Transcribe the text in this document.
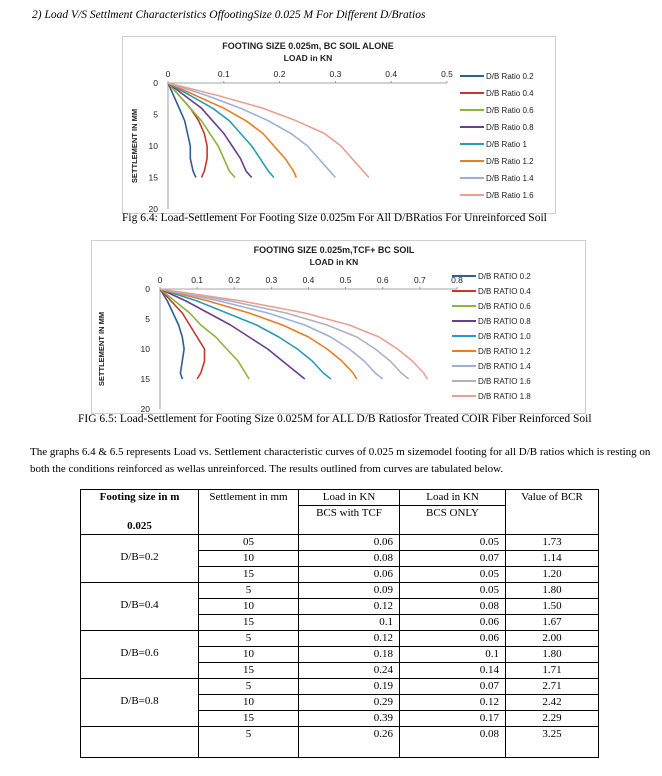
2) Load V/S Settlment Characteristics OffootingSize 0.025 M For Different D/Bratios
FOOTING SIZE 0.025m, BC SOIL ALONE
LOAD in KN
0	0.1	0.2	0.3	0.4	0.5
0
5
10
15
20
SETTLEMENT IN MM
D/B Ratio 0.2
D/B Ratio 0.4
D/B Ratio 0.6
D/B Ratio 0.8
D/B Ratio 1
D/B Ratio 1.2
D/B Ratio 1.4
D/B Ratio 1.6
Fig 6.4: Load-Settlement For Footing Size 0.025m For All D/BRatios For Unreinforced Soil
FOOTING SIZE 0.025m,TCF+ BC SOIL
LOAD in KN
0	0.1	0.2	0.3	0.4	0.5	0.6	0.7	0.8
0
5
10
15
20
SETTLEMENT IN MM
D/B RATIO 0.2
D/B RATIO 0.4
D/B RATIO 0.6
D/B RATIO 0.8
D/B RATIO 1.0
D/B RATIO 1.2
D/B RATIO 1.4
D/B RATIO 1.6
D/B RATIO 1.8
FIG 6.5: Load-Settlement for Footing Size 0.025M for ALL D/B Ratiosfor Treated COIR Fiber Reinforced Soil
The graphs 6.4 & 6.5 represents Load vs. Settlement characteristic curves of 0.025 m sizemodel footing for all D/B ratios which is resting on both the conditions reinforced as wellas unreinforced. The results outlined from curves are tabulated below.
Footing size in m	Settlement in mm	Load in KN	Load in KN	Value of BCR
0.025		BCS with TCF	BCS ONLY	
D/B=0.2	05	0.06	0.05	1.73
	10	0.08	0.07	1.14
	15	0.06	0.05	1.20
D/B=0.4	5	0.09	0.05	1.80
	10	0.12	0.08	1.50
	15	0.1	0.06	1.67
D/B=0.6	5	0.12	0.06	2.00
	10	0.18	0.1	1.80
	15	0.24	0.14	1.71
D/B=0.8	5	0.19	0.07	2.71
	10	0.29	0.12	2.42
	15	0.39	0.17	2.29
	5	0.26	0.08	3.25
